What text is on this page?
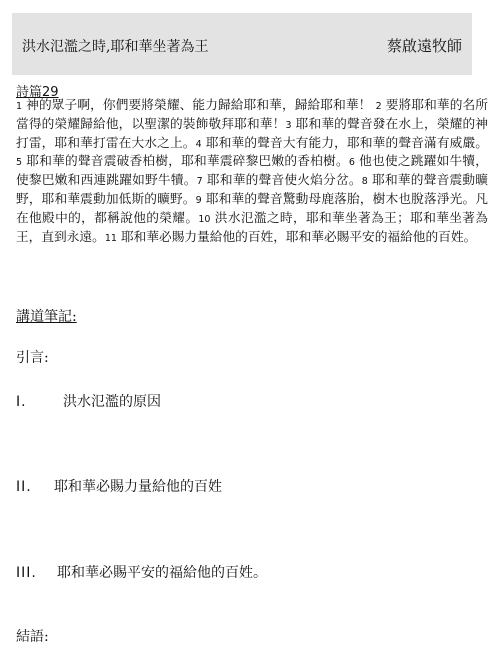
洪水氾濫之時,耶和華坐著為王	蔡啟遠牧師
詩篇29
1 神的眾子啊，你們要將榮耀、能力歸給耶和華，歸給耶和華！ 2 要將耶和華的名所當得的榮耀歸給他，以聖潔的裝飾敬拜耶和華！3 耶和華的聲音發在水上，榮耀的神打雷，耶和華打雷在大水之上。4 耶和華的聲音大有能力，耶和華的聲音滿有威嚴。 5 耶和華的聲音震破香柏樹，耶和華震碎黎巴嫩的香柏樹。6 他也使之跳躍如牛犢，使黎巴嫩和西連跳躍如野牛犢。7 耶和華的聲音使火焰分岔。8 耶和華的聲音震動曠野，耶和華震動加低斯的曠野。9 耶和華的聲音驚動母鹿落胎，樹木也脫落淨光。凡在他殿中的，都稱說他的榮耀。10 洪水氾濫之時，耶和華坐著為王；耶和華坐著為王，直到永遠。11 耶和華必賜力量給他的百姓，耶和華必賜平安的福給他的百姓。
講道筆記:
引言:
I.	洪水氾濫的原因
II. 耶和華必賜力量給他的百姓
III. 耶和華必賜平安的福給他的百姓。
結語:
